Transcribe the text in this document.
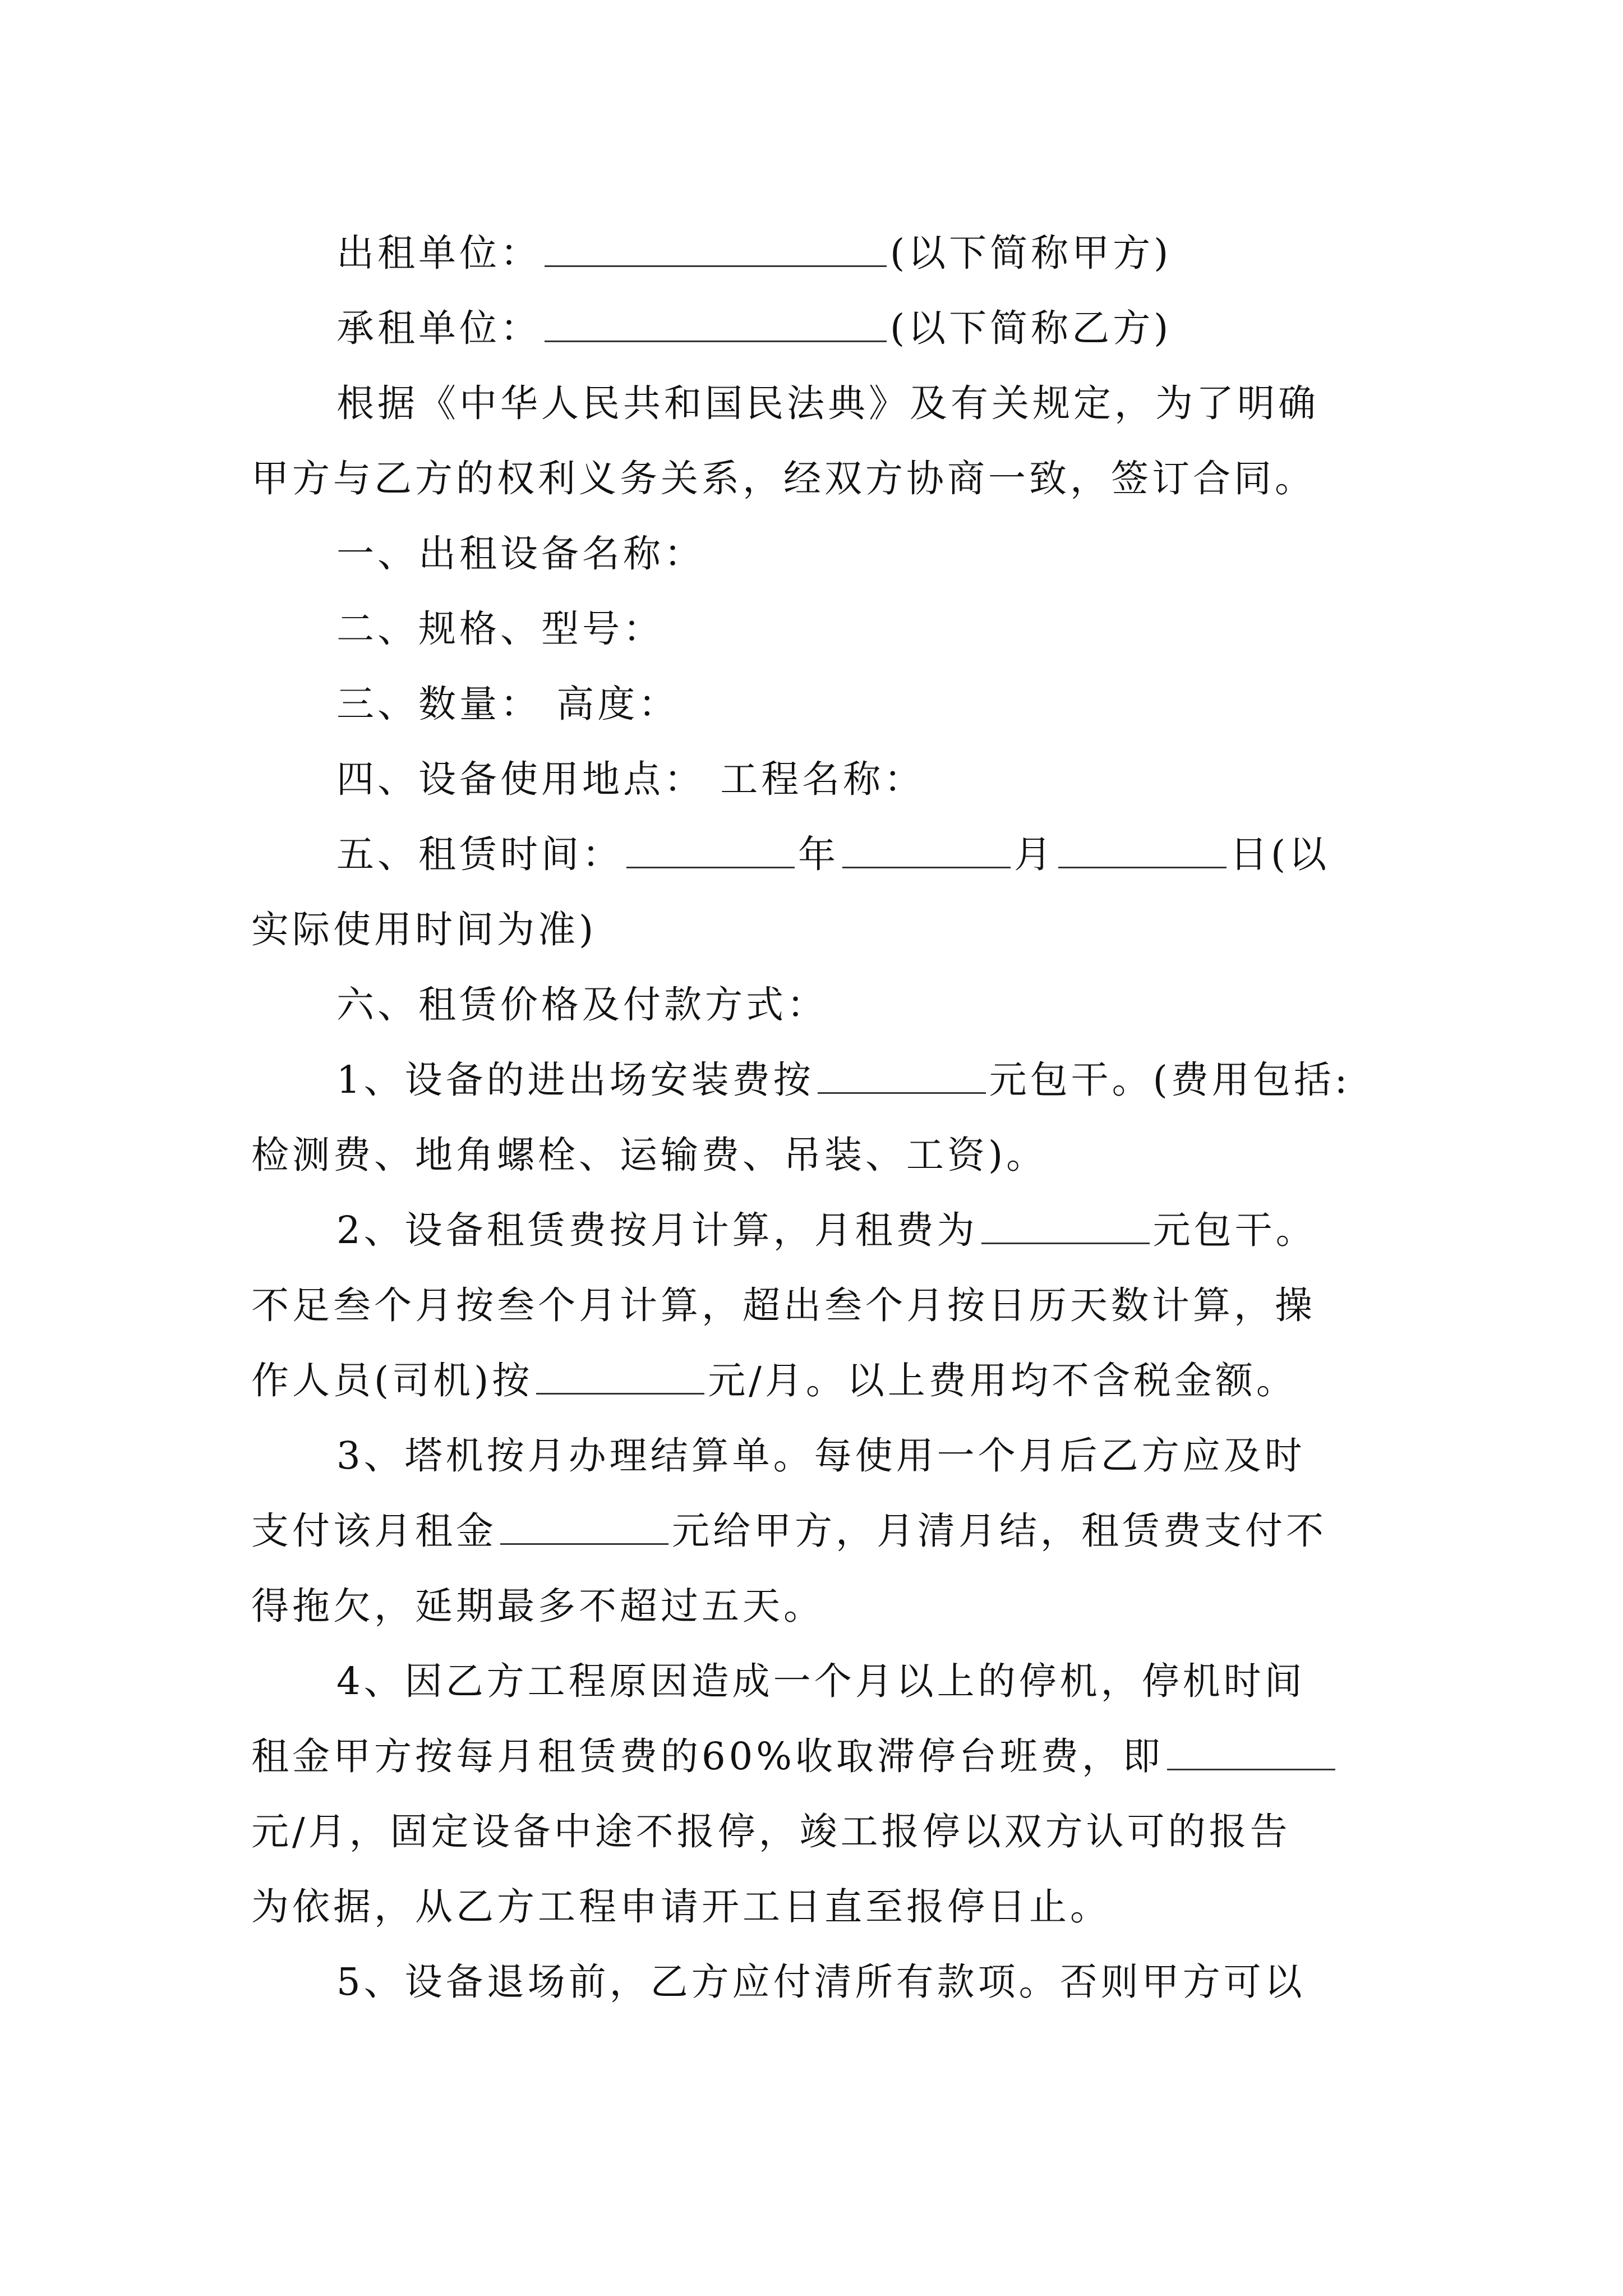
出租单位：	(以下简称甲方)
承租单位：	(以下简称乙方)
根据《中华人民共和国民法典》及有关规定，为了明确
甲方与乙方的权利义务关系，经双方协商一致，签订合同。
一、出租设备名称：
二、规格、型号：
三、数量： 高度：
四、设备使用地点： 工程名称：
五、租赁时间：	年	月	日(以
实际使用时间为准)
六、租赁价格及付款方式：
1、设备的进出场安装费按	元包干。(费用包括:
检测费、地角螺栓、运输费、吊装、工资)。
2、设备租赁费按月计算，月租费为	元包干。
不足叁个月按叁个月计算，超出叁个月按日历天数计算，操
作人员(司机)按	元/月。以上费用均不含税金额。
3、塔机按月办理结算单。每使用一个月后乙方应及时
支付该月租金	元给甲方，月清月结，租赁费支付不
得拖欠，延期最多不超过五天。
4、因乙方工程原因造成一个月以上的停机，停机时间
租金甲方按每月租赁费的60%收取滞停台班费，即
元/月，固定设备中途不报停，竣工报停以双方认可的报告
为依据，从乙方工程申请开工日直至报停日止。
5、设备退场前，乙方应付清所有款项。否则甲方可以
